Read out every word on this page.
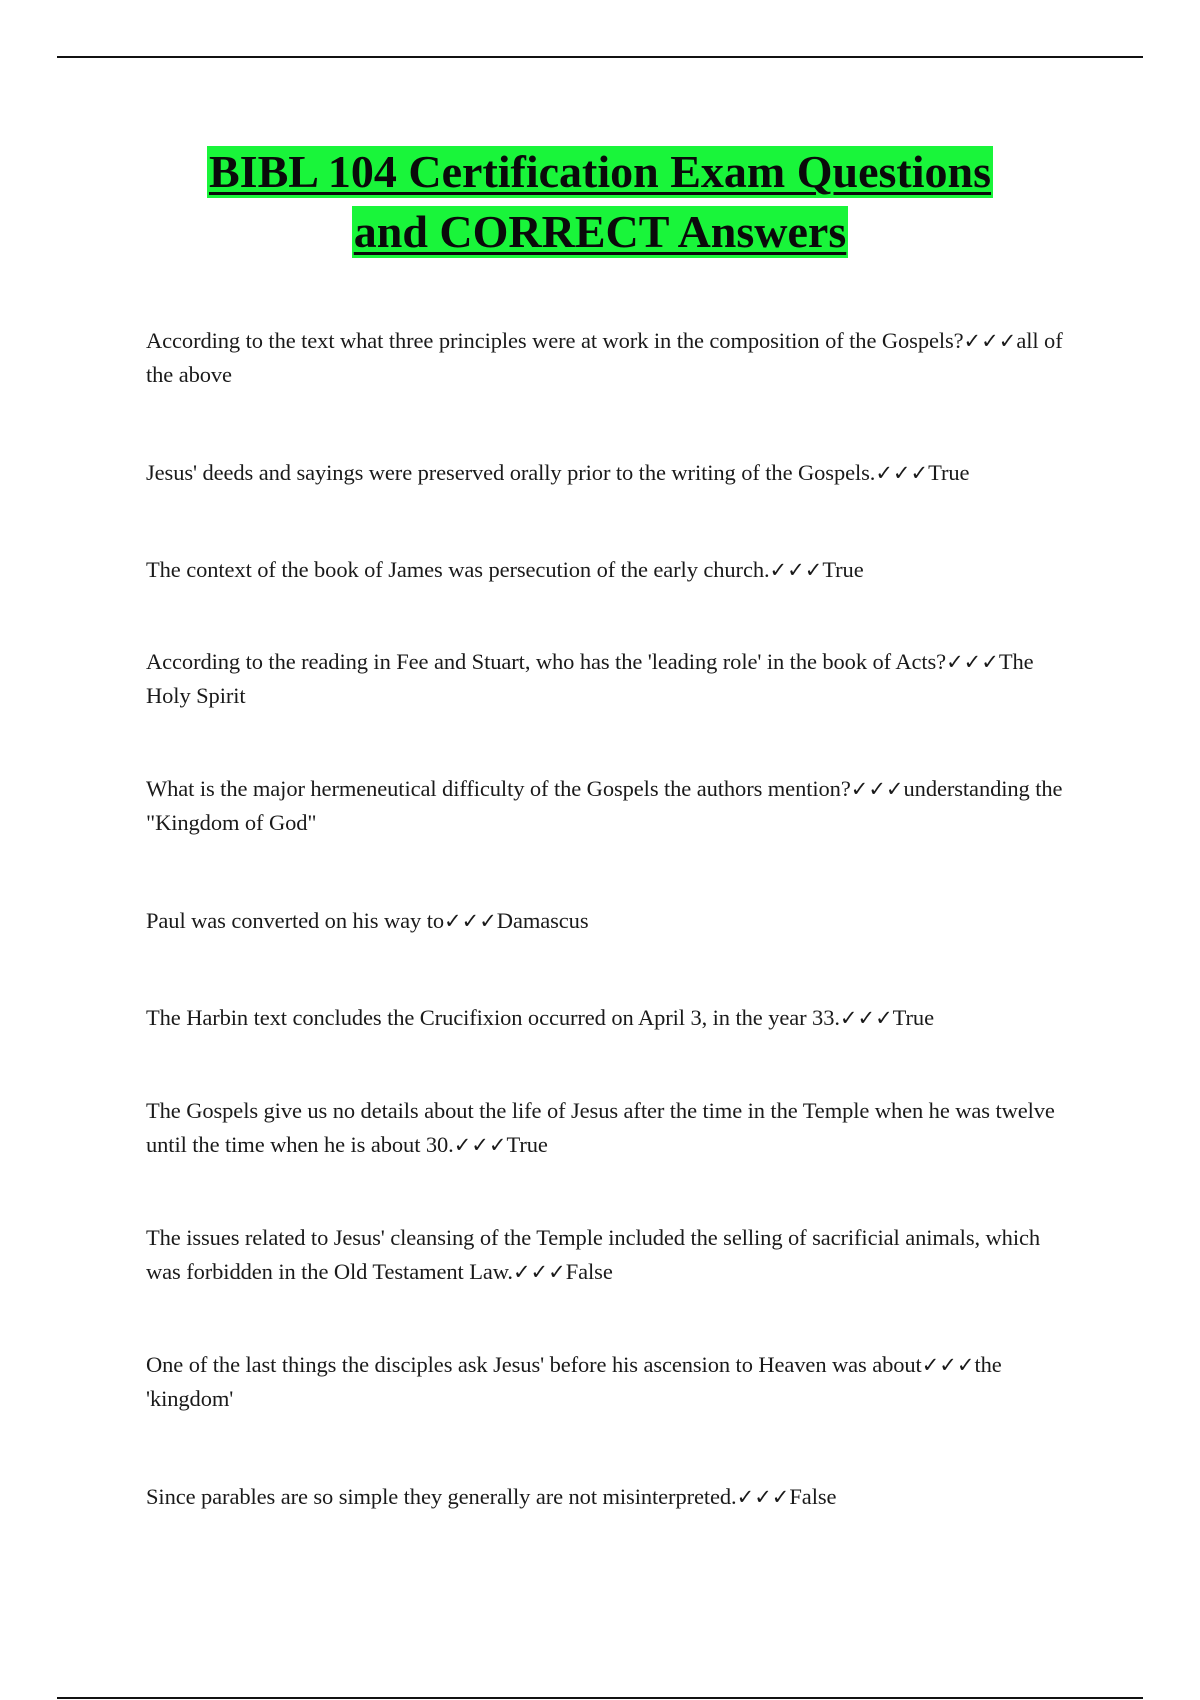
BIBL 104 Certification Exam Questions
and CORRECT Answers

According to the text what three principles were at work in the composition of the Gospels?✓✓✓all of the above

Jesus' deeds and sayings were preserved orally prior to the writing of the Gospels.✓✓✓True

The context of the book of James was persecution of the early church.✓✓✓True

According to the reading in Fee and Stuart, who has the 'leading role' in the book of Acts?✓✓✓The Holy Spirit

What is the major hermeneutical difficulty of the Gospels the authors mention?✓✓✓understanding the "Kingdom of God"

Paul was converted on his way to✓✓✓Damascus

The Harbin text concludes the Crucifixion occurred on April 3, in the year 33.✓✓✓True

The Gospels give us no details about the life of Jesus after the time in the Temple when he was twelve until the time when he is about 30.✓✓✓True

The issues related to Jesus' cleansing of the Temple included the selling of sacrificial animals, which was forbidden in the Old Testament Law.✓✓✓False

One of the last things the disciples ask Jesus' before his ascension to Heaven was about✓✓✓the 'kingdom'

Since parables are so simple they generally are not misinterpreted.✓✓✓False
